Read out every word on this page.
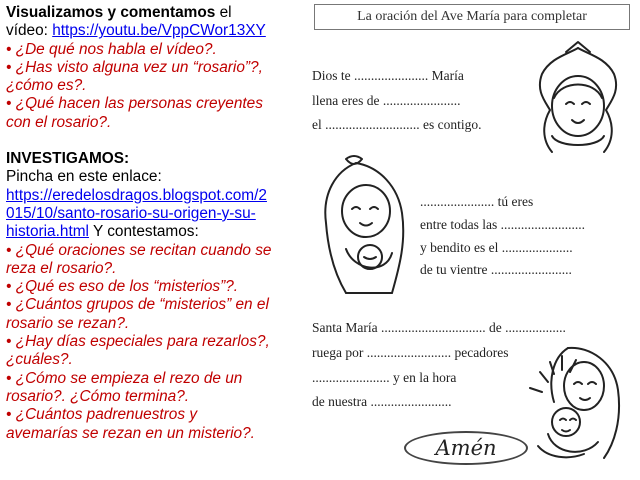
Visualizamos y comentamos el

vídeo: https://youtu.be/VppCWor13XY

• ¿De qué nos habla el vídeo?.

• ¿Has visto alguna vez un “rosario”?,

¿cómo es?.

• ¿Qué hacen las personas creyentes

con el rosario?.

INVESTIGAMOS:

Pincha en este enlace:

https://eredelosdragos.blogspot.com/2

015/10/santo-rosario-su-origen-y-su-

historia.html Y contestamos:

• ¿Qué oraciones se recitan cuando se

reza el rosario?.

• ¿Qué es eso de los “misterios”?.

• ¿Cuántos grupos de “misterios” en el

rosario se rezan?.

• ¿Hay días especiales para rezarlos?,

¿cuáles?.

• ¿Cómo se empieza el rezo de un

rosario?. ¿Cómo termina?.

• ¿Cuántos padrenuestros y

avemarías se rezan en un misterio?.

La oración del Ave María para completar
Dios te ...................... María
llena eres de .......................
el ............................ es contigo.
...................... tú eres
entre todas las .........................
y bendito es el .....................
de tu vientre ........................
Santa María ............................... de ..................
ruega por ......................... pecadores
....................... y en la hora
de nuestra ........................
Amén
